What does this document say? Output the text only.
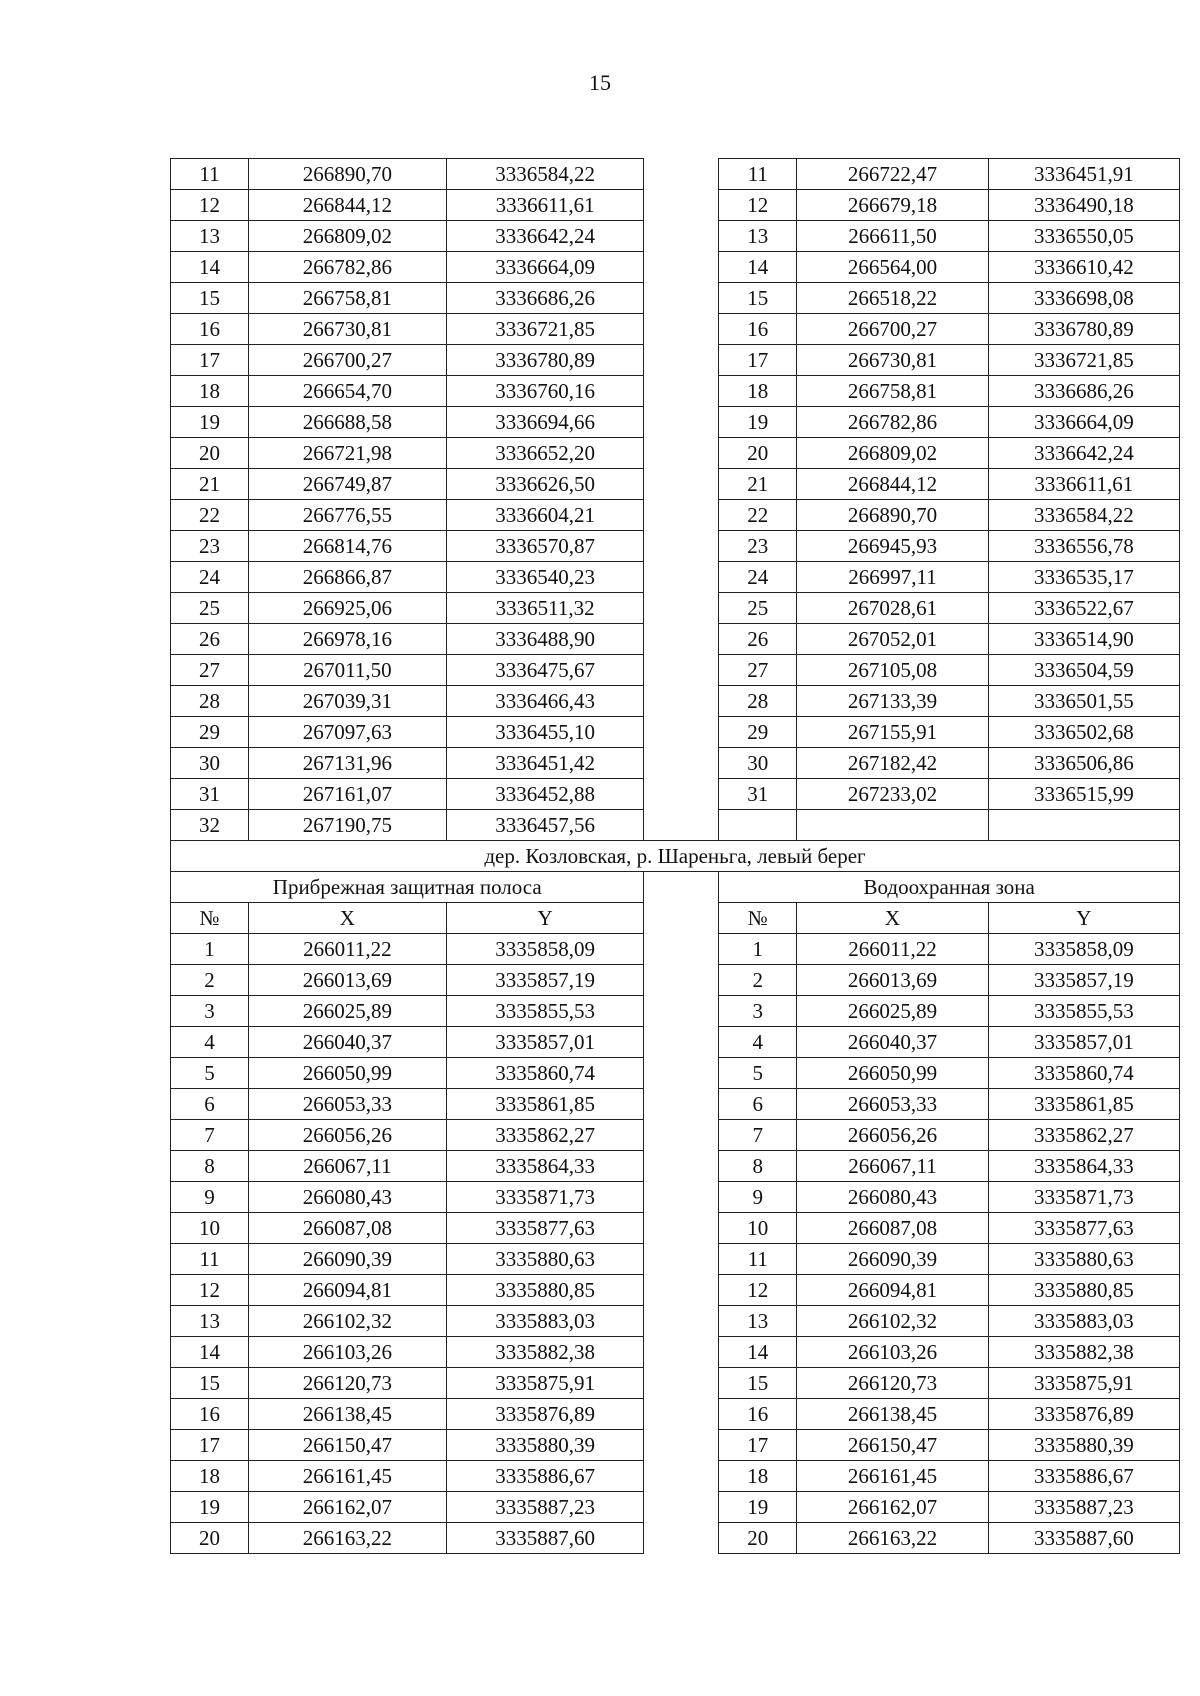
15
11	266890,70	3336584,22		11	266722,47	3336451,91
12	266844,12	3336611,61		12	266679,18	3336490,18
13	266809,02	3336642,24		13	266611,50	3336550,05
14	266782,86	3336664,09		14	266564,00	3336610,42
15	266758,81	3336686,26		15	266518,22	3336698,08
16	266730,81	3336721,85		16	266700,27	3336780,89
17	266700,27	3336780,89		17	266730,81	3336721,85
18	266654,70	3336760,16		18	266758,81	3336686,26
19	266688,58	3336694,66		19	266782,86	3336664,09
20	266721,98	3336652,20		20	266809,02	3336642,24
21	266749,87	3336626,50		21	266844,12	3336611,61
22	266776,55	3336604,21		22	266890,70	3336584,22
23	266814,76	3336570,87		23	266945,93	3336556,78
24	266866,87	3336540,23		24	266997,11	3336535,17
25	266925,06	3336511,32		25	267028,61	3336522,67
26	266978,16	3336488,90		26	267052,01	3336514,90
27	267011,50	3336475,67		27	267105,08	3336504,59
28	267039,31	3336466,43		28	267133,39	3336501,55
29	267097,63	3336455,10		29	267155,91	3336502,68
30	267131,96	3336451,42		30	267182,42	3336506,86
31	267161,07	3336452,88		31	267233,02	3336515,99
32	267190,75	3336457,56				
дер. Козловская, р. Шареньга, левый берег						
Прибрежная защитная полоса				Водоохранная зона		
№	X	Y		№	X	Y
1	266011,22	3335858,09		1	266011,22	3335858,09
2	266013,69	3335857,19		2	266013,69	3335857,19
3	266025,89	3335855,53		3	266025,89	3335855,53
4	266040,37	3335857,01		4	266040,37	3335857,01
5	266050,99	3335860,74		5	266050,99	3335860,74
6	266053,33	3335861,85		6	266053,33	3335861,85
7	266056,26	3335862,27		7	266056,26	3335862,27
8	266067,11	3335864,33		8	266067,11	3335864,33
9	266080,43	3335871,73		9	266080,43	3335871,73
10	266087,08	3335877,63		10	266087,08	3335877,63
11	266090,39	3335880,63		11	266090,39	3335880,63
12	266094,81	3335880,85		12	266094,81	3335880,85
13	266102,32	3335883,03		13	266102,32	3335883,03
14	266103,26	3335882,38		14	266103,26	3335882,38
15	266120,73	3335875,91		15	266120,73	3335875,91
16	266138,45	3335876,89		16	266138,45	3335876,89
17	266150,47	3335880,39		17	266150,47	3335880,39
18	266161,45	3335886,67		18	266161,45	3335886,67
19	266162,07	3335887,23		19	266162,07	3335887,23
20	266163,22	3335887,60		20	266163,22	3335887,60
